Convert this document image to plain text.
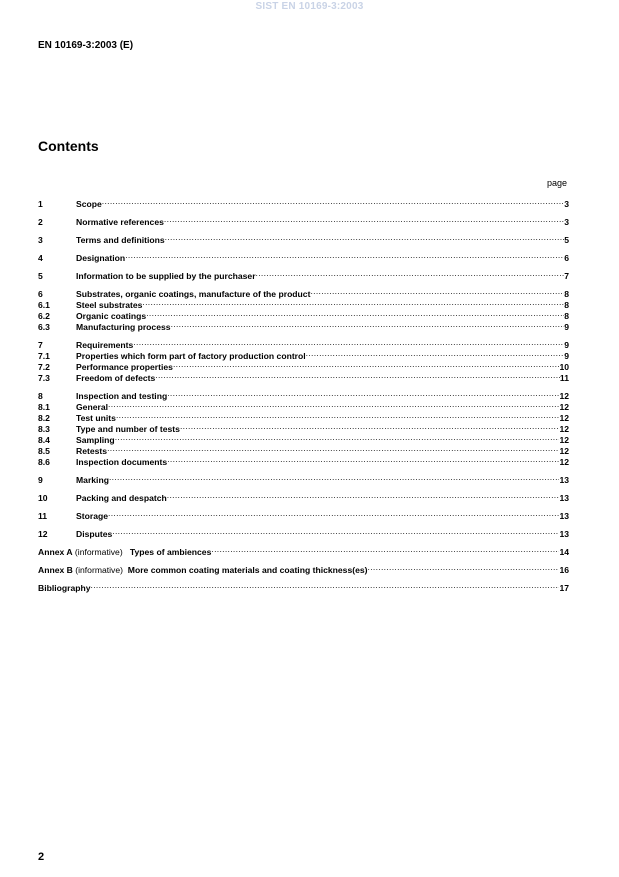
SIST EN 10169-3:2003
EN 10169-3:2003 (E)
Contents
page
1	Scope .....	3
2	Normative references .....	3
3	Terms and definitions .....	5
4	Designation .....	6
5	Information to be supplied by the purchaser .....	7
6	Substrates, organic coatings, manufacture of the product .....	8
6.1	Steel substrates .....	8
6.2	Organic coatings .....	8
6.3	Manufacturing process .....	9
7	Requirements .....	9
7.1	Properties which form part of factory production control .....	9
7.2	Performance properties .....	10
7.3	Freedom of defects .....	11
8	Inspection and testing .....	12
8.1	General .....	12
8.2	Test units .....	12
8.3	Type and number of tests .....	12
8.4	Sampling .....	12
8.5	Retests .....	12
8.6	Inspection documents .....	12
9	Marking .....	13
10	Packing and despatch .....	13
11	Storage .....	13
12	Disputes .....	13
Annex A (informative) Types of ambiences .....	14
Annex B (informative) More common coating materials and coating thickness(es) .....	16
Bibliography .....	17
2
